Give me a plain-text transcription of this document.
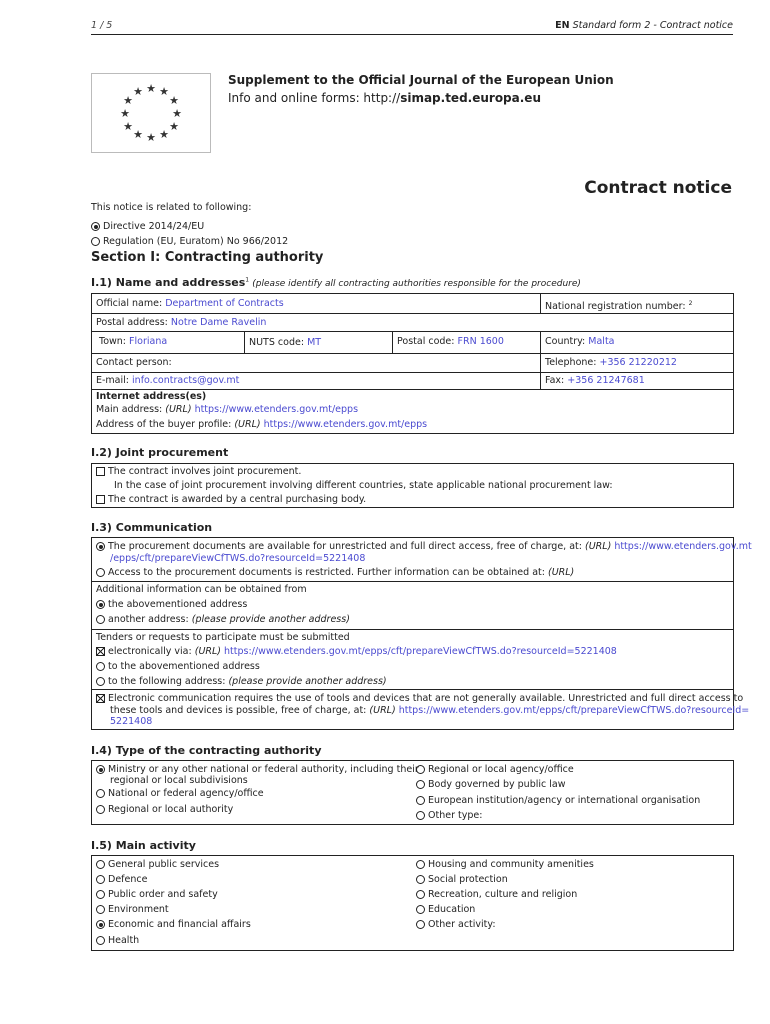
1 / 5	EN Standard form 2 - Contract notice
★ ★
★
★
★
★
★
★
★
★
★
★
Supplement to the Official Journal of the European Union
Info and online forms: http://simap.ted.europa.eu
Contract notice
This notice is related to following:
Directive 2014/24/EU
Regulation (EU, Euratom) No 966/2012
Section I: Contracting authority
I.1) Name and addresses$^1$ (please identify all contracting authorities responsible for the procedure)
Official name: Department of Contracts	National registration number: $^2$
Postal address: Notre Dame Ravelin
Town: Floriana	NUTS code: MT	Postal code: FRN 1600	Country: Malta
Contact person:	Telephone: +356 21220212
E-mail: info.contracts@gov.mt	Fax: +356 21247681
Internet address(es)
Main address: (URL) https://www.etenders.gov.mt/epps
Address of the buyer profile: (URL) https://www.etenders.gov.mt/epps
I.2) Joint procurement
The contract involves joint procurement.
In the case of joint procurement involving different countries, state applicable national procurement law:
The contract is awarded by a central purchasing body.
I.3) Communication
The procurement documents are available for unrestricted and full direct access, free of charge, at: (URL) https://www.etenders.gov.mt
/epps/cft/prepareViewCfTWS.do?resourceId=5221408
Access to the procurement documents is restricted. Further information can be obtained at: (URL)
Additional information can be obtained from
the abovementioned address
another address: (please provide another address)
Tenders or requests to participate must be submitted
electronically via: (URL) https://www.etenders.gov.mt/epps/cft/prepareViewCfTWS.do?resourceId=5221408
to the abovementioned address
to the following address: (please provide another address)
Electronic communication requires the use of tools and devices that are not generally available. Unrestricted and full direct access to
these tools and devices is possible, free of charge, at: (URL) https://www.etenders.gov.mt/epps/cft/prepareViewCfTWS.do?resourceId=
5221408
I.4) Type of the contracting authority
Ministry or any other national or federal authority, including their
regional or local subdivisions
National or federal agency/office
Regional or local authority
Regional or local agency/office
Body governed by public law
European institution/agency or international organisation
Other type:
I.5) Main activity
General public services
Defence
Public order and safety
Environment
Economic and financial affairs
Health
Housing and community amenities
Social protection
Recreation, culture and religion
Education
Other activity:
